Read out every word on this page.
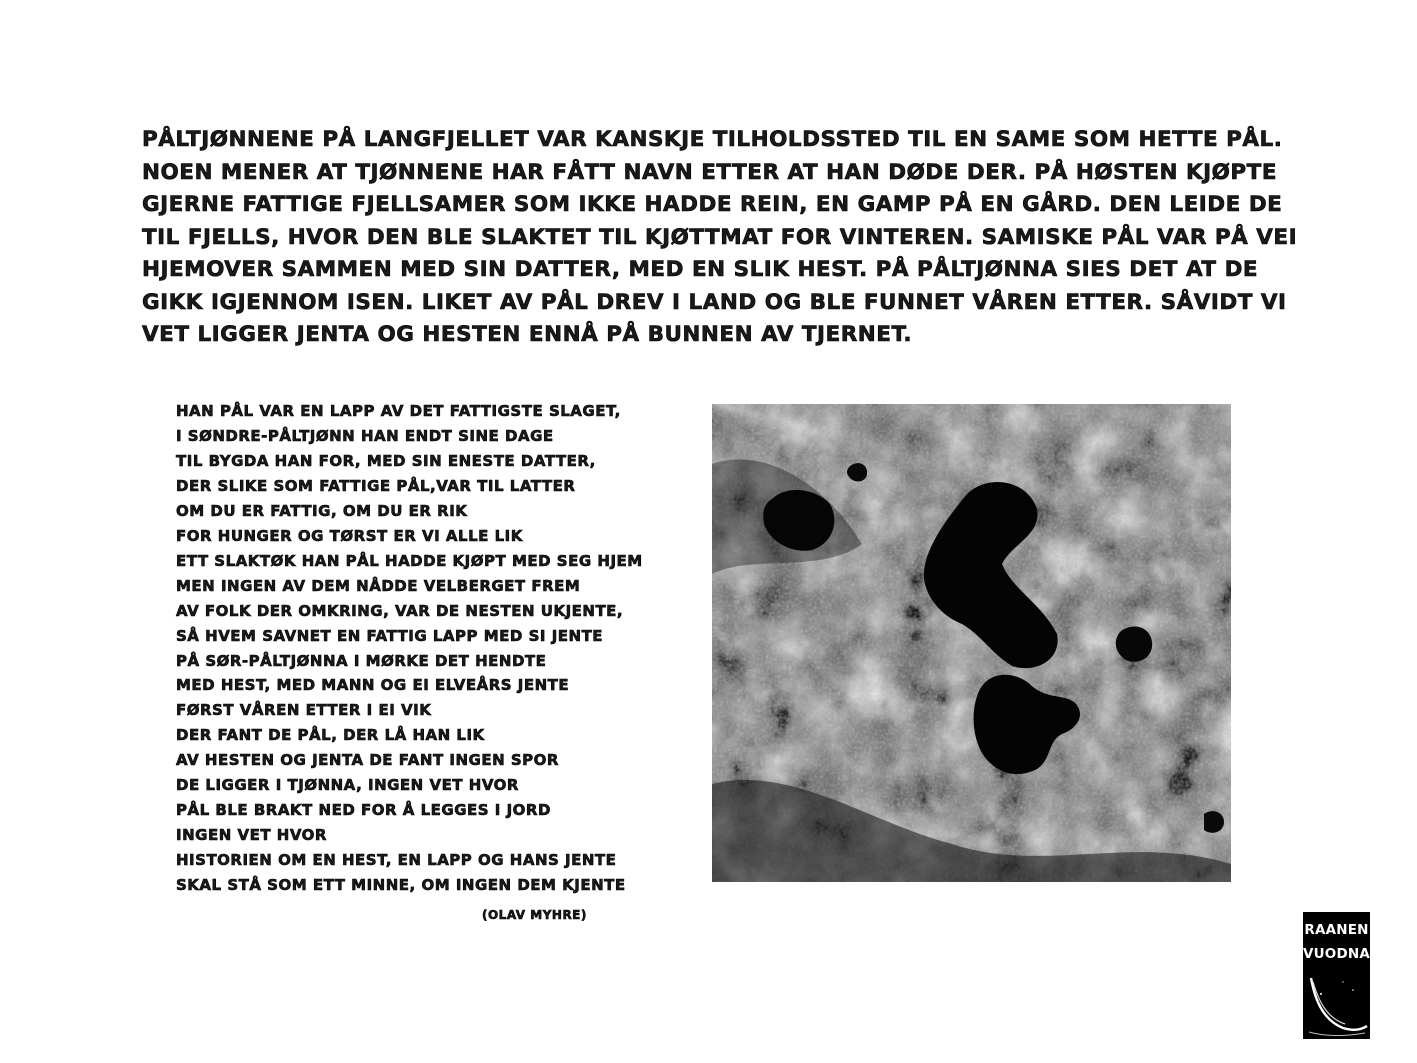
PÅLTJØNNENE PÅ LANGFJELLET VAR KANSKJE TILHOLDSSTED TIL EN SAME SOM HETTE PÅL.
NOEN MENER AT TJØNNENE HAR FÅTT NAVN ETTER AT HAN DØDE DER. PÅ HØSTEN KJØPTE
GJERNE FATTIGE FJELLSAMER SOM IKKE HADDE REIN, EN GAMP PÅ EN GÅRD. DEN LEIDE DE
TIL FJELLS, HVOR DEN BLE SLAKTET TIL KJØTTMAT FOR VINTEREN. SAMISKE PÅL VAR PÅ VEI
HJEMOVER SAMMEN MED SIN DATTER, MED EN SLIK HEST. PÅ PÅLTJØNNA SIES DET AT DE
GIKK IGJENNOM ISEN. LIKET AV PÅL DREV I LAND OG BLE FUNNET VÅREN ETTER. SÅVIDT VI
VET LIGGER JENTA OG HESTEN ENNÅ PÅ BUNNEN AV TJERNET.
HAN PÅL VAR EN LAPP AV DET FATTIGSTE SLAGET,
I SØNDRE-PÅLTJØNN HAN ENDT SINE DAGE
TIL BYGDA HAN FOR, MED SIN ENESTE DATTER,
DER SLIKE SOM FATTIGE PÅL,VAR TIL LATTER
OM DU ER FATTIG, OM DU ER RIK
FOR HUNGER OG TØRST ER VI ALLE LIK
ETT SLAKTØK HAN PÅL HADDE KJØPT MED SEG HJEM
MEN INGEN AV DEM NÅDDE VELBERGET FREM
AV FOLK DER OMKRING, VAR DE NESTEN UKJENTE,
SÅ HVEM SAVNET EN FATTIG LAPP MED SI JENTE
PÅ SØR-PÅLTJØNNA I MØRKE DET HENDTE
MED HEST, MED MANN OG EI ELVEÅRS JENTE
FØRST VÅREN ETTER I EI VIK
DER FANT DE PÅL, DER LÅ HAN LIK
AV HESTEN OG JENTA DE FANT INGEN SPOR
DE LIGGER I TJØNNA, INGEN VET HVOR
PÅL BLE BRAKT NED FOR Å LEGGES I JORD
INGEN VET HVOR
HISTORIEN OM EN HEST, EN LAPP OG HANS JENTE
SKAL STÅ SOM ETT MINNE, OM INGEN DEM KJENTE
(OLAV MYHRE)
RAANEN
VUODNA
